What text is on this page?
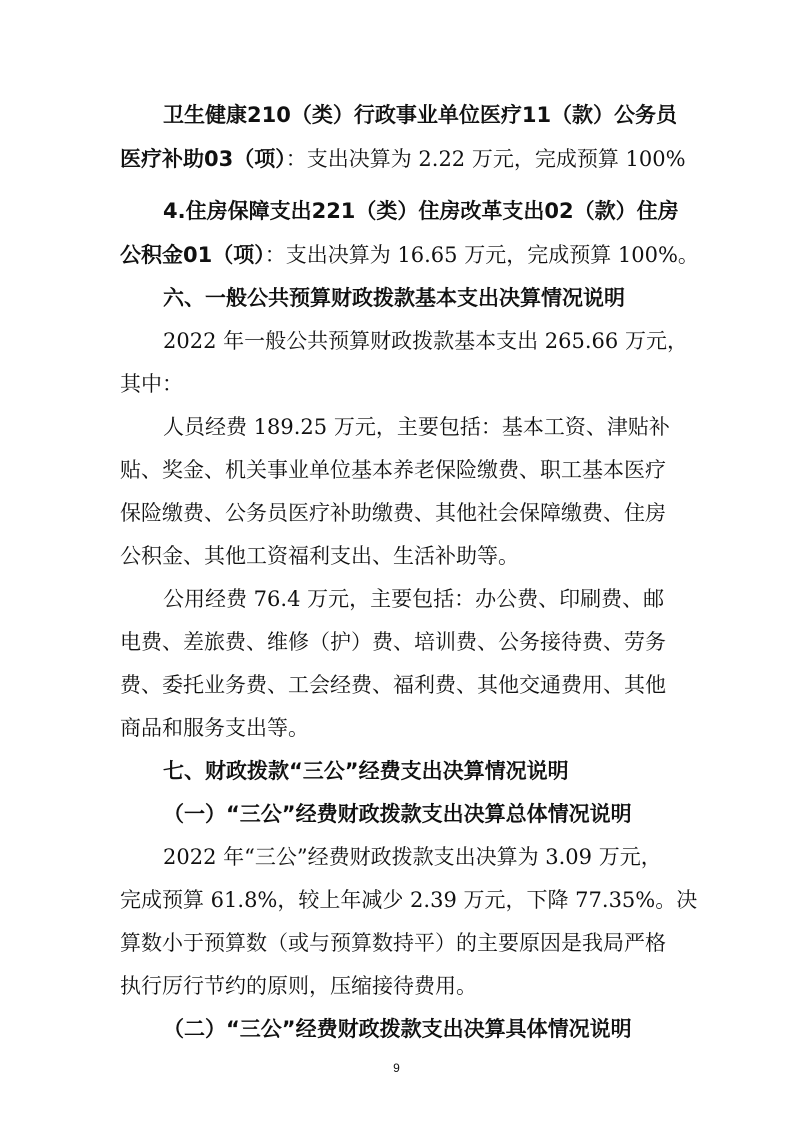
卫生健康210（类）行政事业单位医疗11（款）公务员
医疗补助03（项）：支出决算为 2.22 万元，完成预算 100%
4.住房保障支出221（类）住房改革支出02（款）住房
公积金01（项）：支出决算为 16.65 万元，完成预算 100%。
六、一般公共预算财政拨款基本支出决算情况说明
2022 年一般公共预算财政拨款基本支出 265.66 万元，
其中：
人员经费 189.25 万元，主要包括：基本工资、津贴补
贴、奖金、机关事业单位基本养老保险缴费、职工基本医疗
保险缴费、公务员医疗补助缴费、其他社会保障缴费、住房
公积金、其他工资福利支出、生活补助等。
公用经费 76.4 万元，主要包括：办公费、印刷费、邮
电费、差旅费、维修（护）费、培训费、公务接待费、劳务
费、委托业务费、工会经费、福利费、其他交通费用、其他
商品和服务支出等。
七、财政拨款“三公”经费支出决算情况说明
（一）“三公”经费财政拨款支出决算总体情况说明
2022 年“三公”经费财政拨款支出决算为 3.09 万元，
完成预算 61.8%，较上年减少 2.39 万元，下降 77.35%。决
算数小于预算数（或与预算数持平）的主要原因是我局严格
执行厉行节约的原则，压缩接待费用。
（二）“三公”经费财政拨款支出决算具体情况说明
9
